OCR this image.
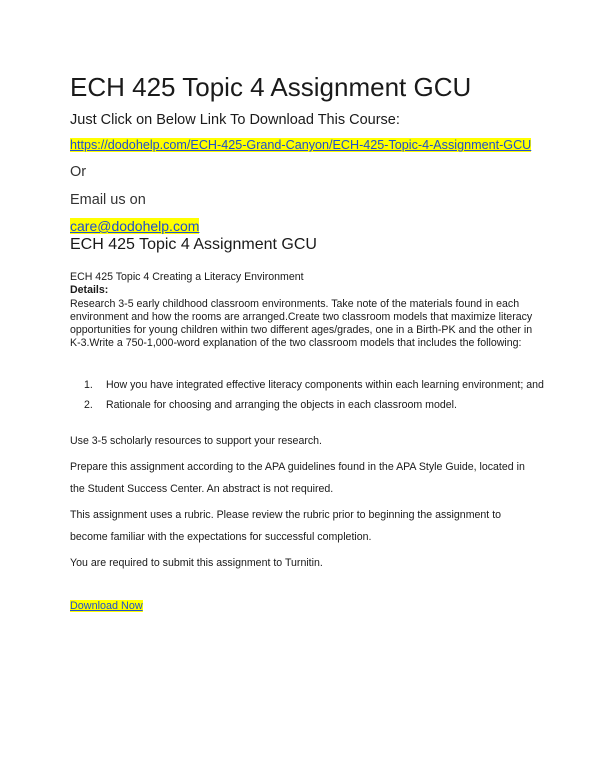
ECH 425 Topic 4 Assignment GCU
Just Click on Below Link To Download This Course:
https://dodohelp.com/ECH-425-Grand-Canyon/ECH-425-Topic-4-Assignment-GCU
Or
Email us on
care@dodohelp.com
ECH 425 Topic 4 Assignment GCU
ECH 425 Topic 4 Creating a Literacy Environment
Details:
Research 3-5 early childhood classroom environments. Take note of the materials found in each environment and how the rooms are arranged.Create two classroom models that maximize literacy opportunities for young children within two different ages/grades, one in a Birth-PK and the other in K-3.Write a 750-1,000-word explanation of the two classroom models that includes the following:
1. How you have integrated effective literacy components within each learning environment; and
2. Rationale for choosing and arranging the objects in each classroom model.
Use 3-5 scholarly resources to support your research.
Prepare this assignment according to the APA guidelines found in the APA Style Guide, located in the Student Success Center. An abstract is not required.
This assignment uses a rubric. Please review the rubric prior to beginning the assignment to become familiar with the expectations for successful completion.
You are required to submit this assignment to Turnitin.
Download Now
